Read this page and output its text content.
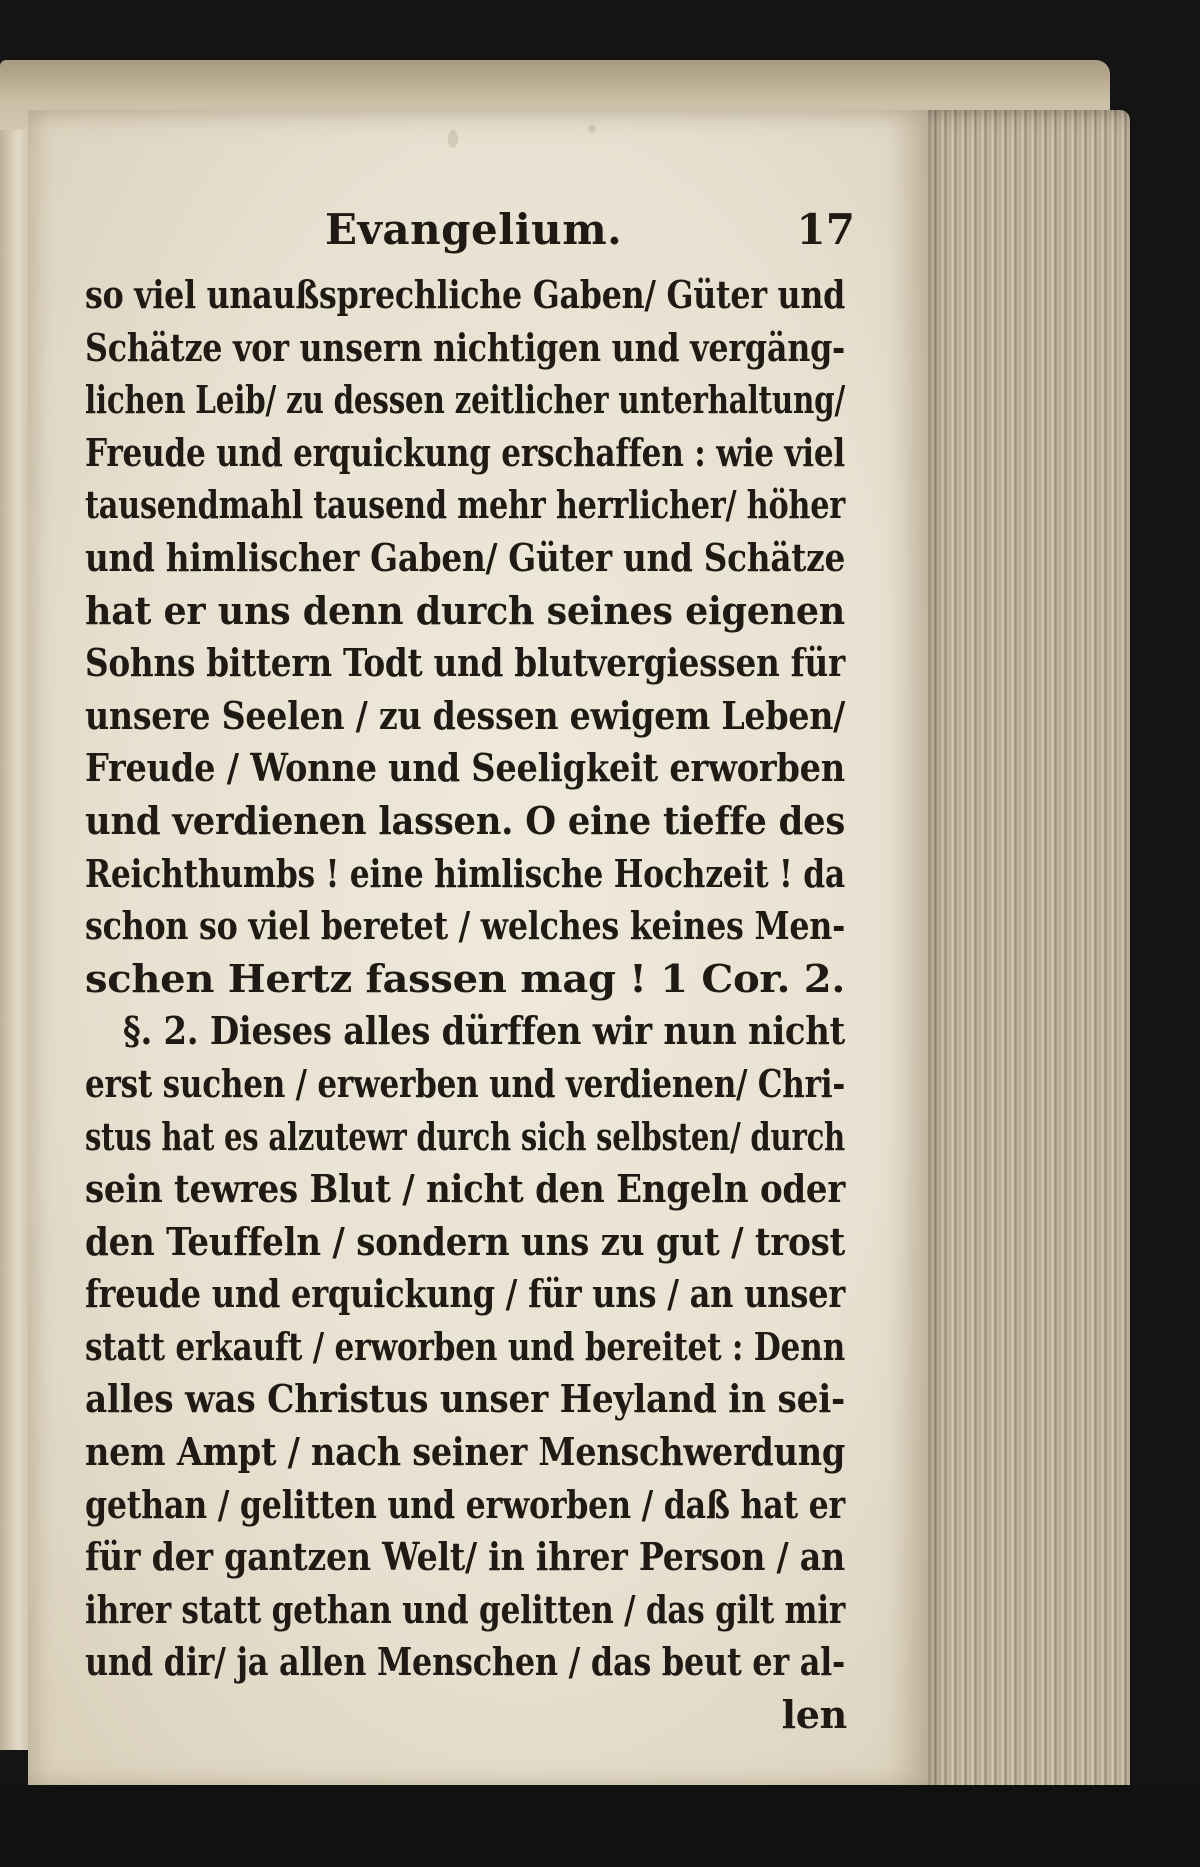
Evangelium.	17
so viel unaußsprechliche Gaben/ Güter und
Schätze vor unsern nichtigen und vergäng-
lichen Leib/ zu dessen zeitlicher unterhaltung/
Freude und erquickung erschaffen : wie viel
tausendmahl tausend mehr herrlicher/ höher
und himlischer Gaben/ Güter und Schätze
hat er uns denn durch seines eigenen
Sohns bittern Todt und blutvergiessen für
unsere Seelen / zu dessen ewigem Leben/
Freude / Wonne und Seeligkeit erworben
und verdienen lassen. O eine tieffe des
Reichthumbs ! eine himlische Hochzeit ! da
schon so viel beretet / welches keines Men-
schen Hertz fassen mag ! 1 Cor. 2.
§. 2. Dieses alles dürffen wir nun nicht
erst suchen / erwerben und verdienen/ Chri-
stus hat es alzutewr durch sich selbsten/ durch
sein tewres Blut / nicht den Engeln oder
den Teuffeln / sondern uns zu gut / trost
freude und erquickung / für uns / an unser
statt erkauft / erworben und bereitet : Denn
alles was Christus unser Heyland in sei-
nem Ampt / nach seiner Menschwerdung
gethan / gelitten und erworben / daß hat er
für der gantzen Welt/ in ihrer Person / an
ihrer statt gethan und gelitten / das gilt mir
und dir/ ja allen Menschen / das beut er al-
len
